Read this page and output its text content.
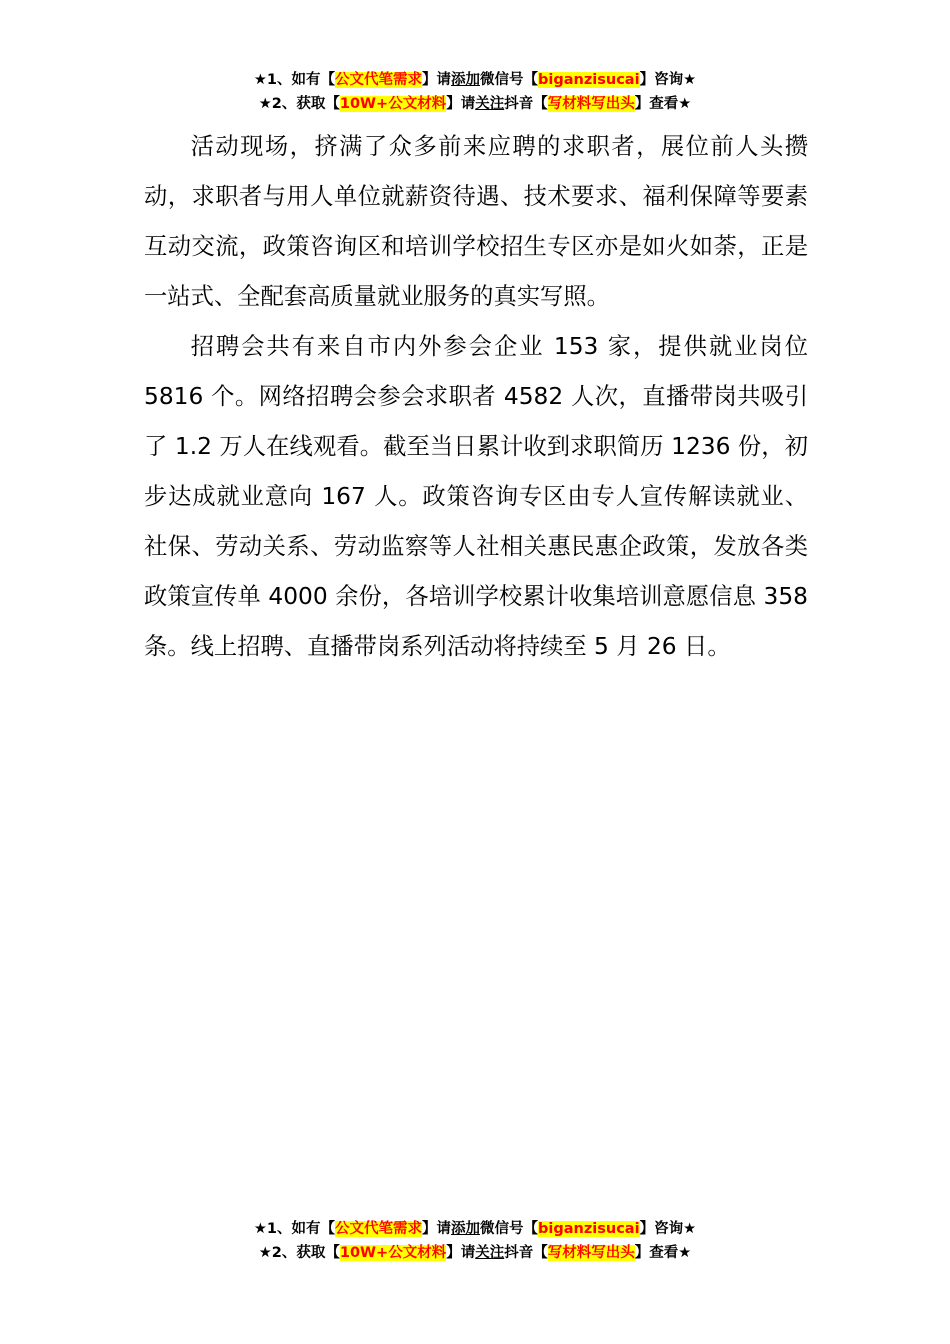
★1、如有【公文代笔需求】请添加微信号【biganzisucai】咨询★
★2、获取【10W+公文材料】请关注抖音【写材料写出头】查看★

活动现场，挤满了众多前来应聘的求职者，展位前人头攒动，求职者与用人单位就薪资待遇、技术要求、福利保障等要素互动交流，政策咨询区和培训学校招生专区亦是如火如荼，正是一站式、全配套高质量就业服务的真实写照。

招聘会共有来自市内外参会企业 153 家，提供就业岗位 5816 个。网络招聘会参会求职者 4582 人次，直播带岗共吸引了 1.2 万人在线观看。截至当日累计收到求职简历 1236 份，初步达成就业意向 167 人。政策咨询专区由专人宣传解读就业、社保、劳动关系、劳动监察等人社相关惠民惠企政策，发放各类政策宣传单 4000 余份，各培训学校累计收集培训意愿信息 358 条。线上招聘、直播带岗系列活动将持续至 5 月 26 日。

★1、如有【公文代笔需求】请添加微信号【biganzisucai】咨询★
★2、获取【10W+公文材料】请关注抖音【写材料写出头】查看★
